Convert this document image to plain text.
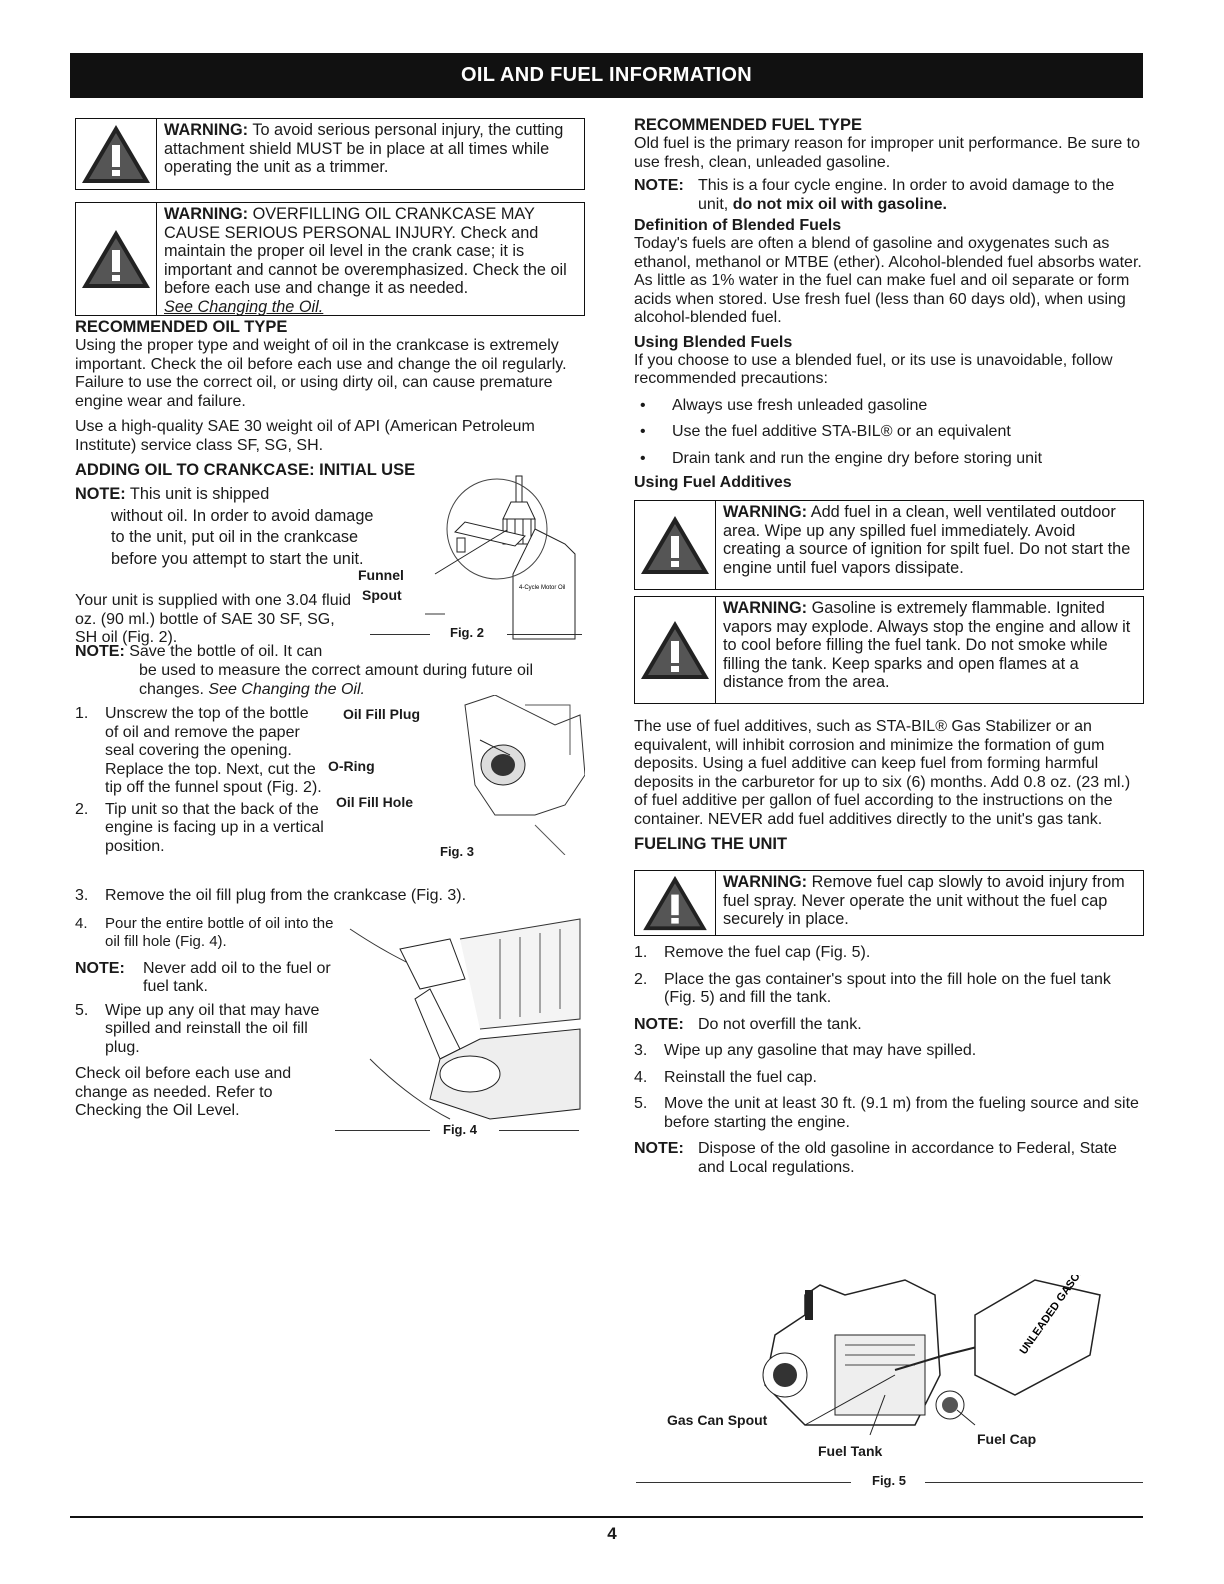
OIL AND FUEL INFORMATION
WARNING: To avoid serious personal injury, the cutting attachment shield MUST be in place at all times while operating the unit as a trimmer.
WARNING: OVERFILLING OIL CRANKCASE MAY CAUSE SERIOUS PERSONAL INJURY. Check and maintain the proper oil level in the crank case; it is important and cannot be overemphasized. Check the oil before each use and change it as needed.
See Changing the Oil.
RECOMMENDED OIL TYPE

Using the proper type and weight of oil in the crankcase is extremely important. Check the oil before each use and change the oil regularly. Failure to use the correct oil, or using dirty oil, can cause premature engine wear and failure.

Use a high-quality SAE 30 weight oil of API (American Petroleum Institute) service class SF, SG, SH.

ADDING OIL TO CRANKCASE: INITIAL USE
NOTE: This unit is shipped
without oil. In order to avoid damage to the unit, put oil in the crankcase before you attempt to start the unit.
Your unit is supplied with one 3.04 fluid oz. (90 ml.) bottle of SAE 30 SF, SG, SH oil (Fig. 2).
4-Cycle Motor Oil
Funnel
Spout
Fig. 2
NOTE: Save the bottle of oil. It can
be used to measure the correct amount during future oil changes. See Changing the Oil.
1.	Unscrew the top of the bottle of oil and remove the paper seal covering the opening. Replace the top. Next, cut the tip off the funnel spout (Fig. 2).
2.	Tip unit so that the back of the engine is facing up in a vertical position.
Oil Fill Plug
O-Ring
Oil Fill Hole
Fig. 3
3.	Remove the oil fill plug from the crankcase (Fig. 3).
4.	Pour the entire bottle of oil into the oil fill hole (Fig. 4).
NOTE:	Never add oil to the fuel or fuel tank.
5.	Wipe up any oil that may have spilled and reinstall the oil fill plug.

Check oil before each use and change as needed. Refer to Checking the Oil Level.

Fig. 4
RECOMMENDED FUEL TYPE

Old fuel is the primary reason for improper unit performance. Be sure to use fresh, clean, unleaded gasoline.

NOTE: This is a four cycle engine. In order to avoid damage to the unit, do not mix oil with gasoline.
Definition of Blended Fuels

Today's fuels are often a blend of gasoline and oxygenates such as ethanol, methanol or MTBE (ether). Alcohol-blended fuel absorbs water. As little as 1% water in the fuel can make fuel and oil separate or form acids when stored. Use fresh fuel (less than 60 days old), when using alcohol-blended fuel.

Using Blended Fuels

If you choose to use a blended fuel, or its use is unavoidable, follow recommended precautions:

•	Always use fresh unleaded gasoline
•	Use the fuel additive STA-BIL® or an equivalent
•	Drain tank and run the engine dry before storing unit
Using Fuel Additives
WARNING: Add fuel in a clean, well ventilated outdoor area. Wipe up any spilled fuel immediately. Avoid creating a source of ignition for spilt fuel. Do not start the engine until fuel vapors dissipate.
WARNING: Gasoline is extremely flammable. Ignited vapors may explode. Always stop the engine and allow it to cool before filling the fuel tank. Do not smoke while filling the tank. Keep sparks and open flames at a distance from the area.

The use of fuel additives, such as STA-BIL® Gas Stabilizer or an equivalent, will inhibit corrosion and minimize the formation of gum deposits. Using a fuel additive can keep fuel from forming harmful deposits in the carburetor for up to six (6) months. Add 0.8 oz. (23 ml.) of fuel additive per gallon of fuel according to the instructions on the container. NEVER add fuel additives directly to the unit's gas tank.

FUELING THE UNIT
WARNING: Remove fuel cap slowly to avoid injury from fuel spray. Never operate the unit without the fuel cap securely in place.
1.	Remove the fuel cap (Fig. 5).
2.	Place the gas container's spout into the fill hole on the fuel tank (Fig. 5) and fill the tank.
NOTE: Do not overfill the tank.
3.	Wipe up any gasoline that may have spilled.
4.	Reinstall the fuel cap.
5.	Move the unit at least 30 ft. (9.1 m) from the fueling source and site before starting the engine.
NOTE: Dispose of the old gasoline in accordance to Federal, State and Local regulations.
Gas Can Spout
Fuel Tank
Fuel Cap
Fig. 5
4
